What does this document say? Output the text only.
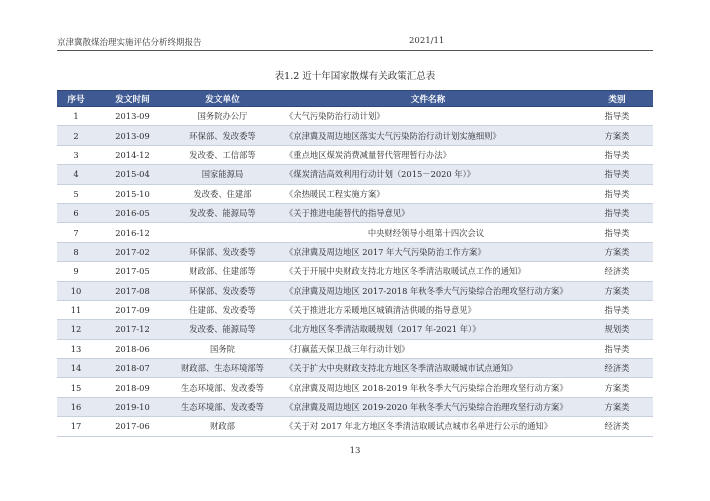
京津冀散煤治理实施评估分析终期报告	2021/11
表1.2 近十年国家散煤有关政策汇总表
序号	发文时间	发文单位	文件名称	类别
1	2013-09	国务院办公厅	《大气污染防治行动计划》	指导类
2	2013-09	环保部、发改委等	《京津冀及周边地区落实大气污染防治行动计划实施细则》	方案类
3	2014-12	发改委、工信部等	《重点地区煤炭消费减量替代管理暂行办法》	指导类
4	2015-04	国家能源局	《煤炭清洁高效利用行动计划（2015－2020 年）》	指导类
5	2015-10	发改委、住建部	《余热暖民工程实施方案》	指导类
6	2016-05	发改委、能源局等	《关于推进电能替代的指导意见》	指导类
7	2016-12		中央财经领导小组第十四次会议	指导类
8	2017-02	环保部、发改委等	《京津冀及周边地区 2017 年大气污染防治工作方案》	方案类
9	2017-05	财政部、住建部等	《关于开展中央财政支持北方地区冬季清洁取暖试点工作的通知》	经济类
10	2017-08	环保部、发改委等	《京津冀及周边地区 2017-2018 年秋冬季大气污染综合治理攻坚行动方案》	方案类
11	2017-09	住建部、发改委等	《关于推进北方采暖地区城镇清洁供暖的指导意见》	指导类
12	2017-12	发改委、能源局等	《北方地区冬季清洁取暖规划（2017 年-2021 年）》	规划类
13	2018-06	国务院	《打赢蓝天保卫战三年行动计划》	指导类
14	2018-07	财政部、生态环境部等	《关于扩大中央财政支持北方地区冬季清洁取暖城市试点通知》	经济类
15	2018-09	生态环境部、发改委等	《京津冀及周边地区 2018-2019 年秋冬季大气污染综合治理攻坚行动方案》	方案类
16	2019-10	生态环境部、发改委等	《京津冀及周边地区 2019-2020 年秋冬季大气污染综合治理攻坚行动方案》	方案类
17	2017-06	财政部	《关于对 2017 年北方地区冬季清洁取暖试点城市名单进行公示的通知》	经济类
13
